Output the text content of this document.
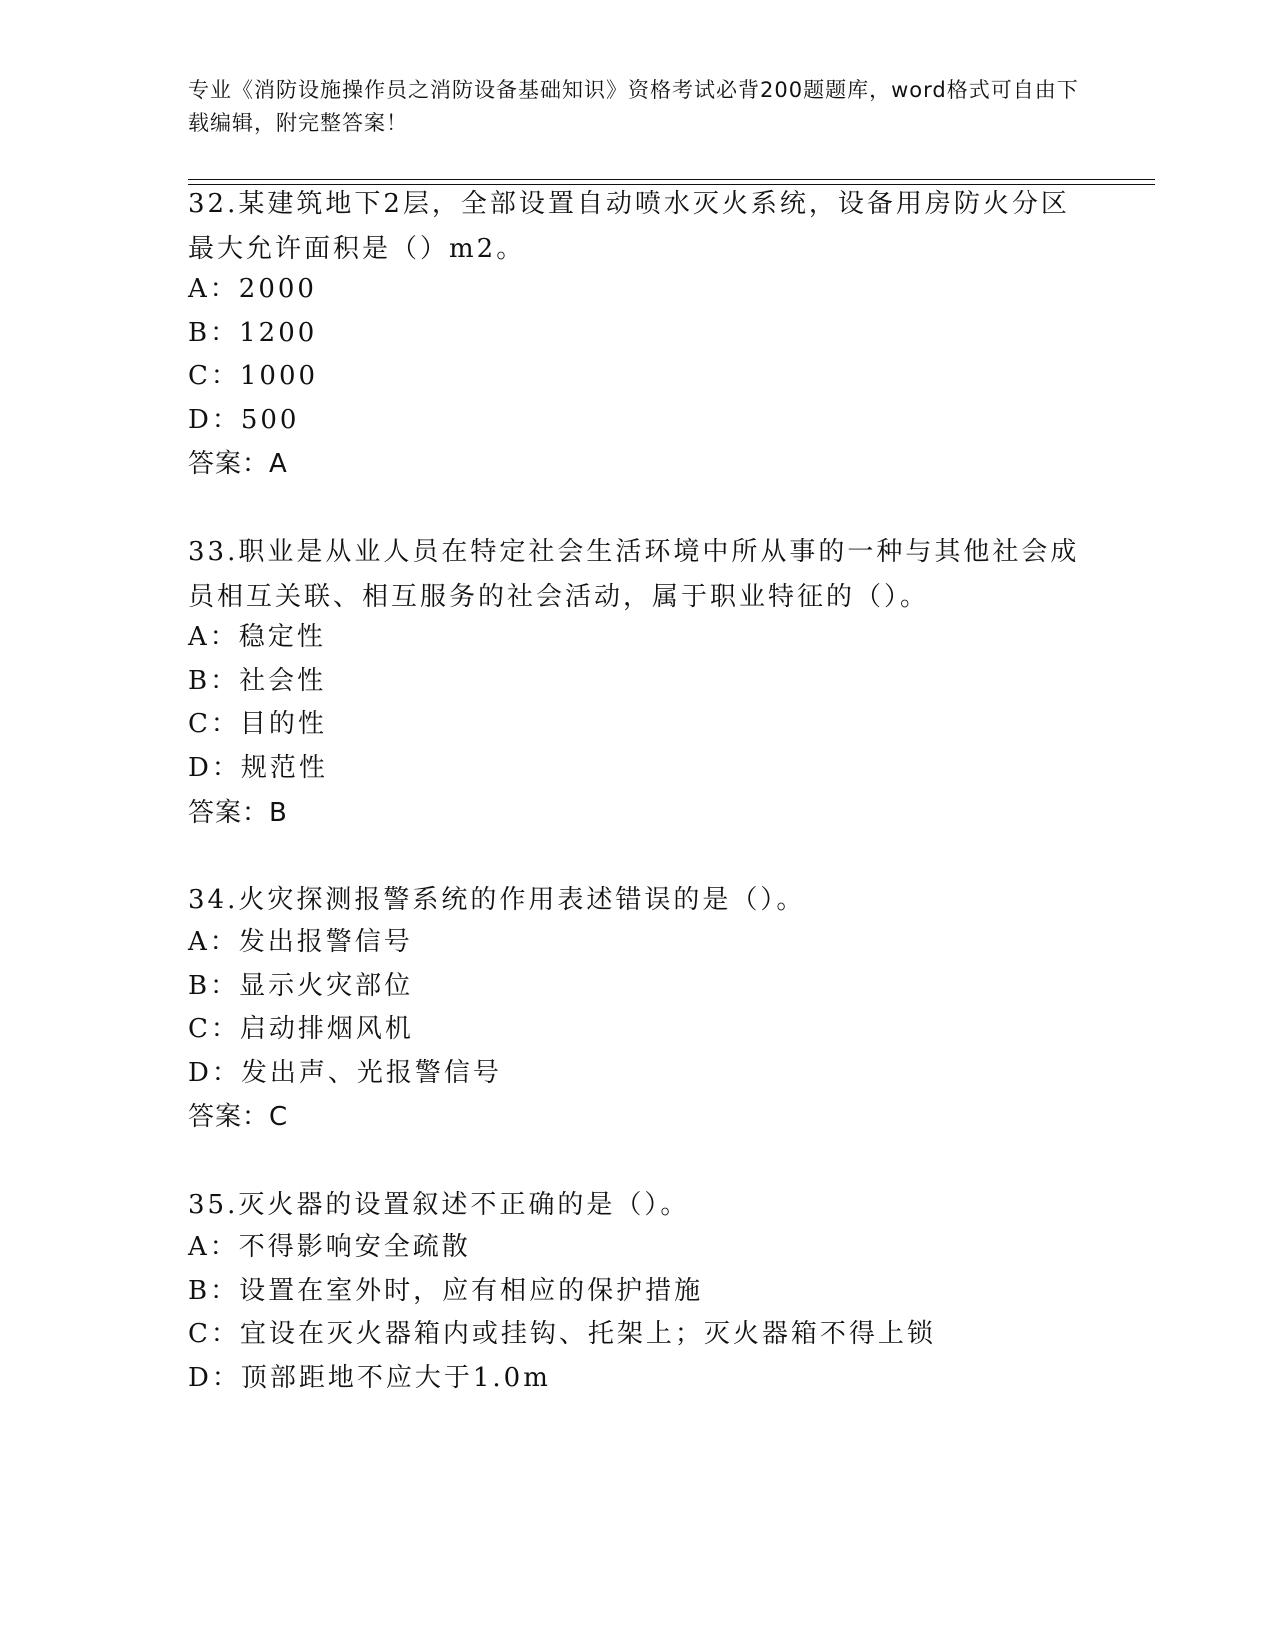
专业《消防设施操作员之消防设备基础知识》资格考试必背200题题库，word格式可自由下载编辑，附完整答案！
32.某建筑地下2层，全部设置自动喷水灭火系统，设备用房防火分区最大允许面积是（）m2。
A：2000
B：1200
C：1000
D：500
答案：A
33.职业是从业人员在特定社会生活环境中所从事的一种与其他社会成员相互关联、相互服务的社会活动，属于职业特征的（）。
A：稳定性
B：社会性
C：目的性
D：规范性
答案：B
34.火灾探测报警系统的作用表述错误的是（）。
A：发出报警信号
B：显示火灾部位
C：启动排烟风机
D：发出声、光报警信号
答案：C
35.灭火器的设置叙述不正确的是（）。
A：不得影响安全疏散
B：设置在室外时，应有相应的保护措施
C：宜设在灭火器箱内或挂钩、托架上；灭火器箱不得上锁
D：顶部距地不应大于1.0m
